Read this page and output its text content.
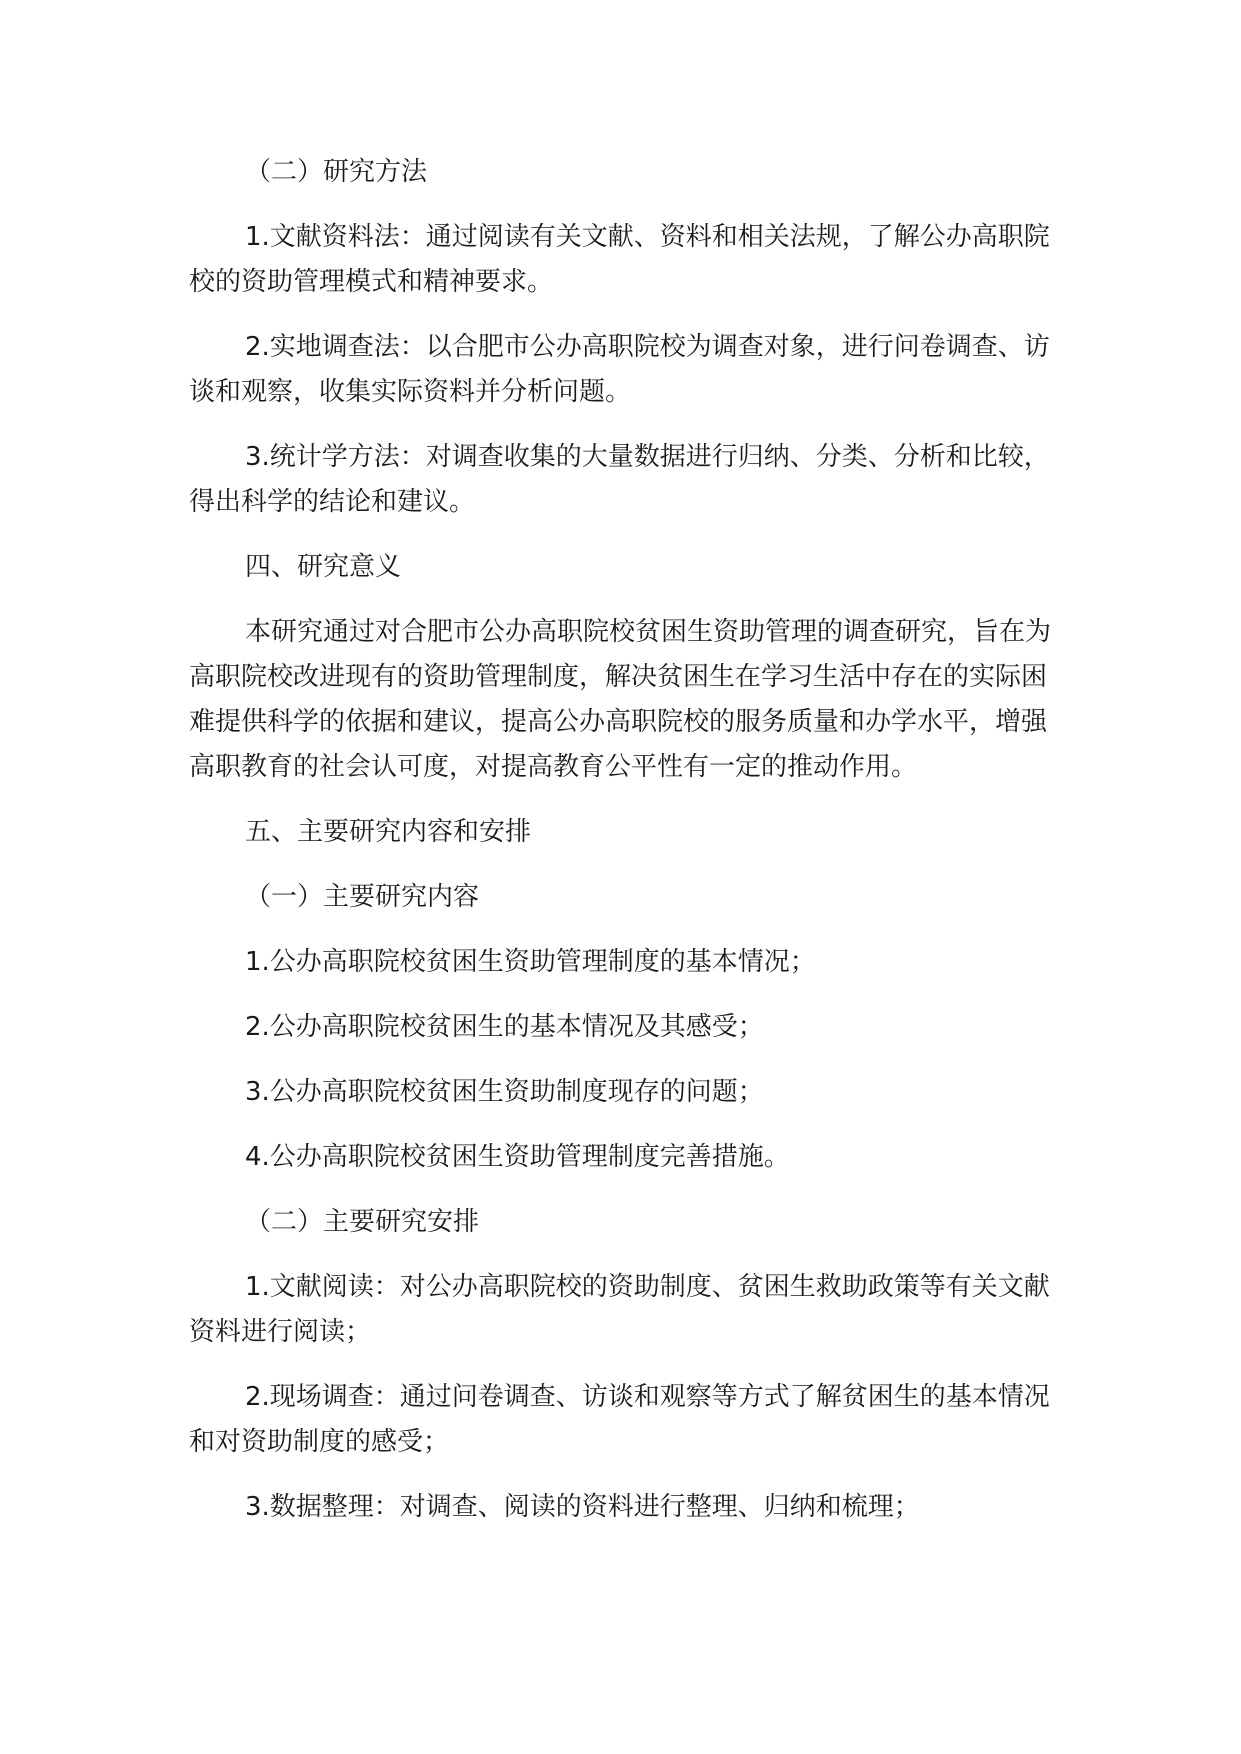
（二）研究方法

1.文献资料法：通过阅读有关文献、资料和相关法规，了解公办高职院校的资助管理模式和精神要求。

2.实地调查法：以合肥市公办高职院校为调查对象，进行问卷调查、访谈和观察，收集实际资料并分析问题。

3.统计学方法：对调查收集的大量数据进行归纳、分类、分析和比较，得出科学的结论和建议。

四、研究意义

本研究通过对合肥市公办高职院校贫困生资助管理的调查研究，旨在为高职院校改进现有的资助管理制度，解决贫困生在学习生活中存在的实际困难提供科学的依据和建议，提高公办高职院校的服务质量和办学水平，增强高职教育的社会认可度，对提高教育公平性有一定的推动作用。

五、主要研究内容和安排

（一）主要研究内容

1.公办高职院校贫困生资助管理制度的基本情况；

2.公办高职院校贫困生的基本情况及其感受；

3.公办高职院校贫困生资助制度现存的问题；

4.公办高职院校贫困生资助管理制度完善措施。

（二）主要研究安排

1.文献阅读：对公办高职院校的资助制度、贫困生救助政策等有关文献资料进行阅读；

2.现场调查：通过问卷调查、访谈和观察等方式了解贫困生的基本情况和对资助制度的感受；

3.数据整理：对调查、阅读的资料进行整理、归纳和梳理；
